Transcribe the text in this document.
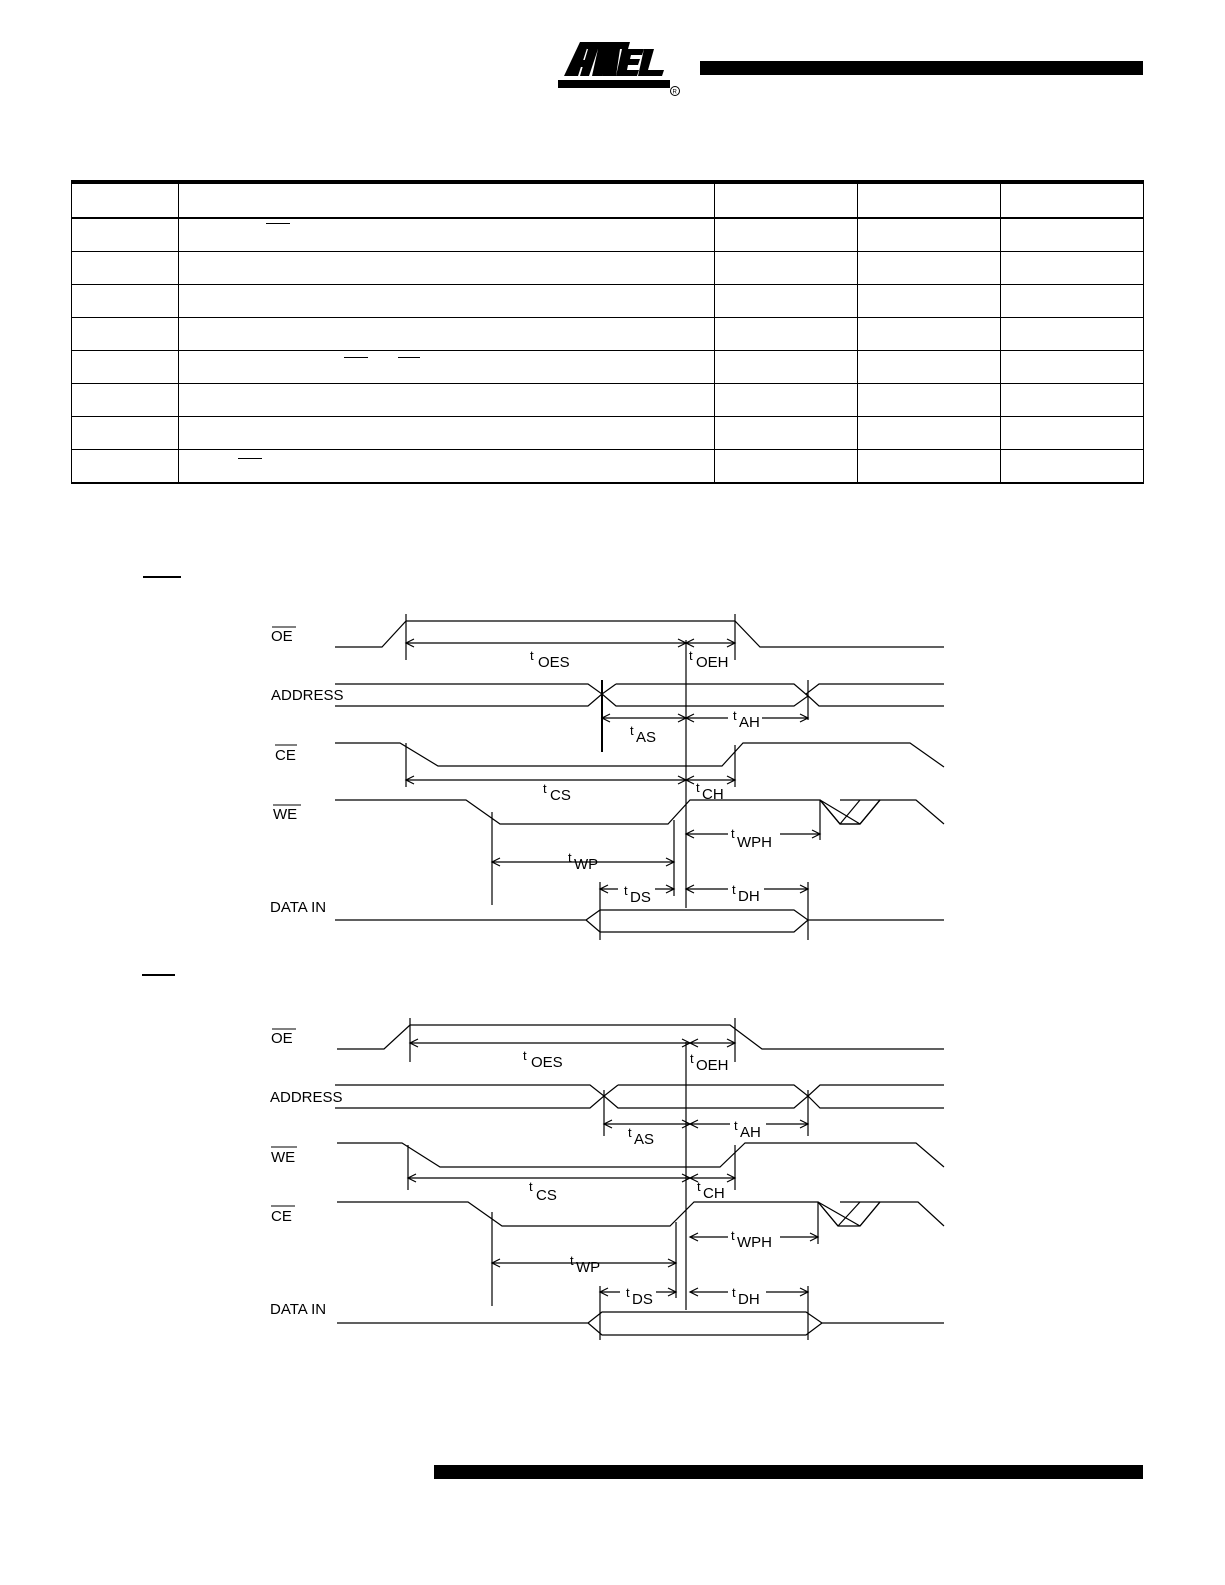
R

OE
t OES	t OEH
ADDRESS
t AS
t AH
CE
t CS	t CH
WE
t WP
t
WPH
DATA IN
t DS	t DH
OE
t OES	t OEH
ADDRESS
t AS
t AH
WE
t
CS
t CH
CE
t WP
t WPH
DATA IN
t DS	t DH
